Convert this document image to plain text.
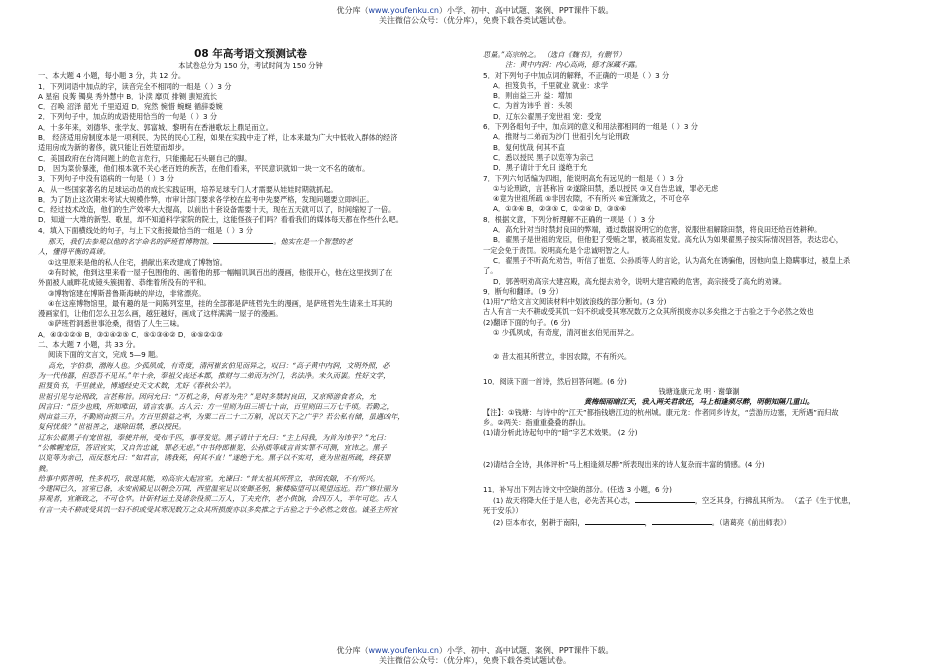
优分库（www.youfenku.cn）小学、初中、高中试题、案例、PPT课件下载。
关注微信公众号：（优分库），免费下载各类试题试卷。
08 年高考语文预测试卷

本试卷总分为 150 分，考试时间为 150 分钟

一、本大题 4 小题，每小题 3 分，共 12 分。

1．下列词语中加点的字，读音完全不相同的一组是（ ）3 分

A 星宿 良莠 镯臭 秀外慧中 B．讣渎 靡页 排铡 蜚短流长

C．召唤 沼泽 韶光 千里迢迢 D．宛然 惋惜 蜿蜒 循辞委婉

2．下列句子中，加点的成语使用恰当的一句是（ ）3 分

A．十多年来，刘德华、张学友、郭富城、黎明有在香港歌坛上鼎足而立。

B． 经济适用房制度本是一项利民、为民的民心工程，如果在实践中走了样，让本来最为广大中低收入群体的经济

适用房成为新的奢侈，就只能让百姓望而却步。

C．美国政府在台湾问题上的危言危行，只能搬起石头砸自己的脚。

D． 因为菜价暴涨，他们根本就不关心老百姓的疾苦，在他们看来，平民意识就如一块一文不名的破布。

3．下列句子中没有语病的一句是（ ）3 分

A．从一些国家著名的足球运动员的成长实践证明，培养足球专门人才需要从娃娃时期就抓起。

B．为了防止这次期末考试大规模作弊，市审计部门要求各学校在监考中先要严格，发现问题要立即纠正。

C．经过技术改造，他们的生产效率大大提高，以前出十套设备需要十天，现在五天就可以了，时间缩短了一倍。

D．知道一大堆的新型、歌星，却不知道科学家院的院士，这能怪孩子们吗？看看我们的媒体每天都在作些什么吧。

4．填入下面横线处的句子，与上下文衔接最恰当的一组是（ ）3 分

那天，我们去参观以他的名字命名的萨班哲博物馆。	。他实在是一个智慧的老

人，懂得平衡的真谛。

①这里原来是他的私人住宅，捐献出来改建成了博物馆。

②有时候，他到这里来看一屋子包围他的、画着他的那一幅幅讥讽百出的漫画，他很开心，他在这里找到了在

外面被人戚畔花成镜头簇拥着、恭维着所没有的平和。

③博物馆建在博斯普鲁斯海峡的岸边，非常漂亮。

④在这座博物馆里，最有趣的是一间陈列室里，挂的全部都是萨班哲先生的漫画，是萨班哲先生请来土耳其的

漫画家们，让他们怎么丑怎么画，越狂越好，画成了这样满满一屋子的漫画。

⑤萨班哲洞悉世事沧桑，彻悟了人生三味。

A．④③①②⑤ B．③①④②⑤ C．⑤①③④② D．④⑤②①③

二、本大题 7 小题，共 33 分。

阅读下面的文言文，完成 5—9 题。

高允，字伯恭，渤海人也。少孤夙成，有奇度，清河崔玄伯见而异之，叹曰：“高子黄中内润，文明外照，必

为一代伟器，但恐吾不见耳。”年十余，奉祖父丧还本郡，推财与二弟而为沙门，名法净。未久而罢。性好文学，

担笈负书，千里就业，博通经史天文术数，尤好《春秋公羊》。

世祖引见与论刑政，言甚称旨。因问允曰：“万机之务，何者为先？”是时多禁封良田，又京师游食者众，允

因言曰：“臣少也贱，所知唯田，请言农事。古人云：方一里则为田三顷七十亩，百里则田三万七千顷。若勤之，

则亩益三升，不勤则亩损三升。方百里损益之率，为粟二百二十二万斛，况以天下之广乎？若公私有储，虽遇凶年，

复何忧哉？”世祖善之，遂除田禁，悉以授民。

辽东公翟黑子有宠世祖，奉使并州，受布千匹，事寻发觉。黑子请计于允曰：“主上问我，为首为讳乎？”允曰：

“公帷幄宠臣，答诏宜实，又自告忠诚，罪必无虑。”中书侍郎崔览、公孙质等咸言首实罪不可测，宜讳之。黑子

以览等为亲己，而反怒允曰：“如君言，诱我死，何其不直！”遂绝于允。黑子以不实对，竟为世祖所疏，终获罪

戮。

给事中郭善明，性多机巧，欲逞其能，劝高宗大起宫室。允谏曰：“昔太祖其所营立，非因农隙，不有所兴。

今建国已久，宫室已备，永安前殿足以朝会万国，西堂温室足以安御圣躬，紫楼临望可以观望远近。若广修壮丽为

异观者，宜渐致之，不可仓卒。计斫材运土及诸杂役须二万人，丁夫充作，老小供饷，合四万人，半年可讫。古人

有言一夫不耕或受其饥一妇不织或受其寒况数万之众其所损废亦以多矣推之于古验之于今必然之效也。诚圣主所宜

思量。”高宗纳之。 （选自《魏书》，有删节）

注：黄中内润：内心高尚，德才深藏不露。

5．对下列句子中加点词的解释，不正确的一项是（ ）3 分

A．担笈负书，千里就业 就业：求学

B．则亩益三升 益：增加

C．为首为讳乎 首：头领

D．辽东公翟黑子宠世祖 宠：受宠

6．下列各组句子中，加点词的意义和用法都相同的一组是（ ）3 分

A．推财与二弟而为沙门 世祖引允与论刑政

B．复何忧哉 何其不直

C．悉以授民 黑子以览等为亲己

D．黑子请计于允曰 遂绝于允

7．下列六句话编为四组，能说明高允有远见的一组是（ ）3 分

①与论刑政，言甚称旨 ②遂除田禁，悉以授民 ③又自告忠诚，罪必无虑

④竟为世祖所疏 ⑤非因农隙，不有所兴 ⑥宜渐致之，不可仓卒

A．①③⑥ B．②③⑤ C．①②④ D．③⑤⑥

8．根据文意，下列分析理解不正确的一项是（ ）3 分

A．高允针对当时禁封良田的弊端，通过数据说明它的危害，说服世祖解除田禁，将良田还给百姓耕种。

B．翟黑子是世祖的宠臣，但他犯了受贿之罪，被高祖发觉。高允认为如果翟黑子按实际情况回答，表达忠心，

一定会免于责罚。说明高允是个忠诚明智之人。

C．翟黑子不听高允劝告，听信了崔览、公孙质等人的言论，认为高允在诱骗他，因他向皇上隐瞒事过，被皇上杀

了。

D．郭善明劝高宗大建宫殿，高允提去劝令，说明大建宫殿的危害，高宗接受了高允的劝谏。

9．断句和翻译。（9 分）

(1)用“/”给文言文阅读材料中划波浪线的部分断句。(3 分)

古人有言一夫不耕或受其饥一妇不织或受其寒况数万之众其所损废亦以多矣推之于古验之于今必然之效也

(2)翻译下面的句子。(6 分)

① 少孤夙成，有奇度，清河崔玄伯见而异之。

② 昔太祖其所营立，非因农隙，不有所兴。

10．阅读下面一首诗，然后回答问题。(6 分)

钱塘逢康元龙 明 · 谢肇淛

黄梅细雨暗江天，我入两关君欲还，马上相逢须尽醉，明朝知隔几重山。

【注】：①钱塘：与诗中的“江天”都指钱塘江边的杭州城。康元龙：作者同乡诗友，“尝游历边塞，无所遇”而归故

乡。②两关：指重重叠叠的群山。

(1)请分析此诗起句中的“暗”字艺术效果。 (2 分)

(2)请结合全诗，具体评析“马上相逢须尽醉”所表现出来的诗人复杂而丰富的情感。(4 分)

11．补写出下列古诗文中空缺的部分。(任选 3 小题，6 分)

(1) 故天将降大任于是人也，必先苦其心志，	，空乏其身，行拂乱其所为。 （孟子《生于忧患，

死于安乐》）

(2) 臣本布衣，躬耕于南阳，	，	。（诸葛亮《前出师表》）

优分库（www.youfenku.cn）小学、初中、高中试题、案例、PPT课件下载。
关注微信公众号：（优分库），免费下载各类试题试卷。
